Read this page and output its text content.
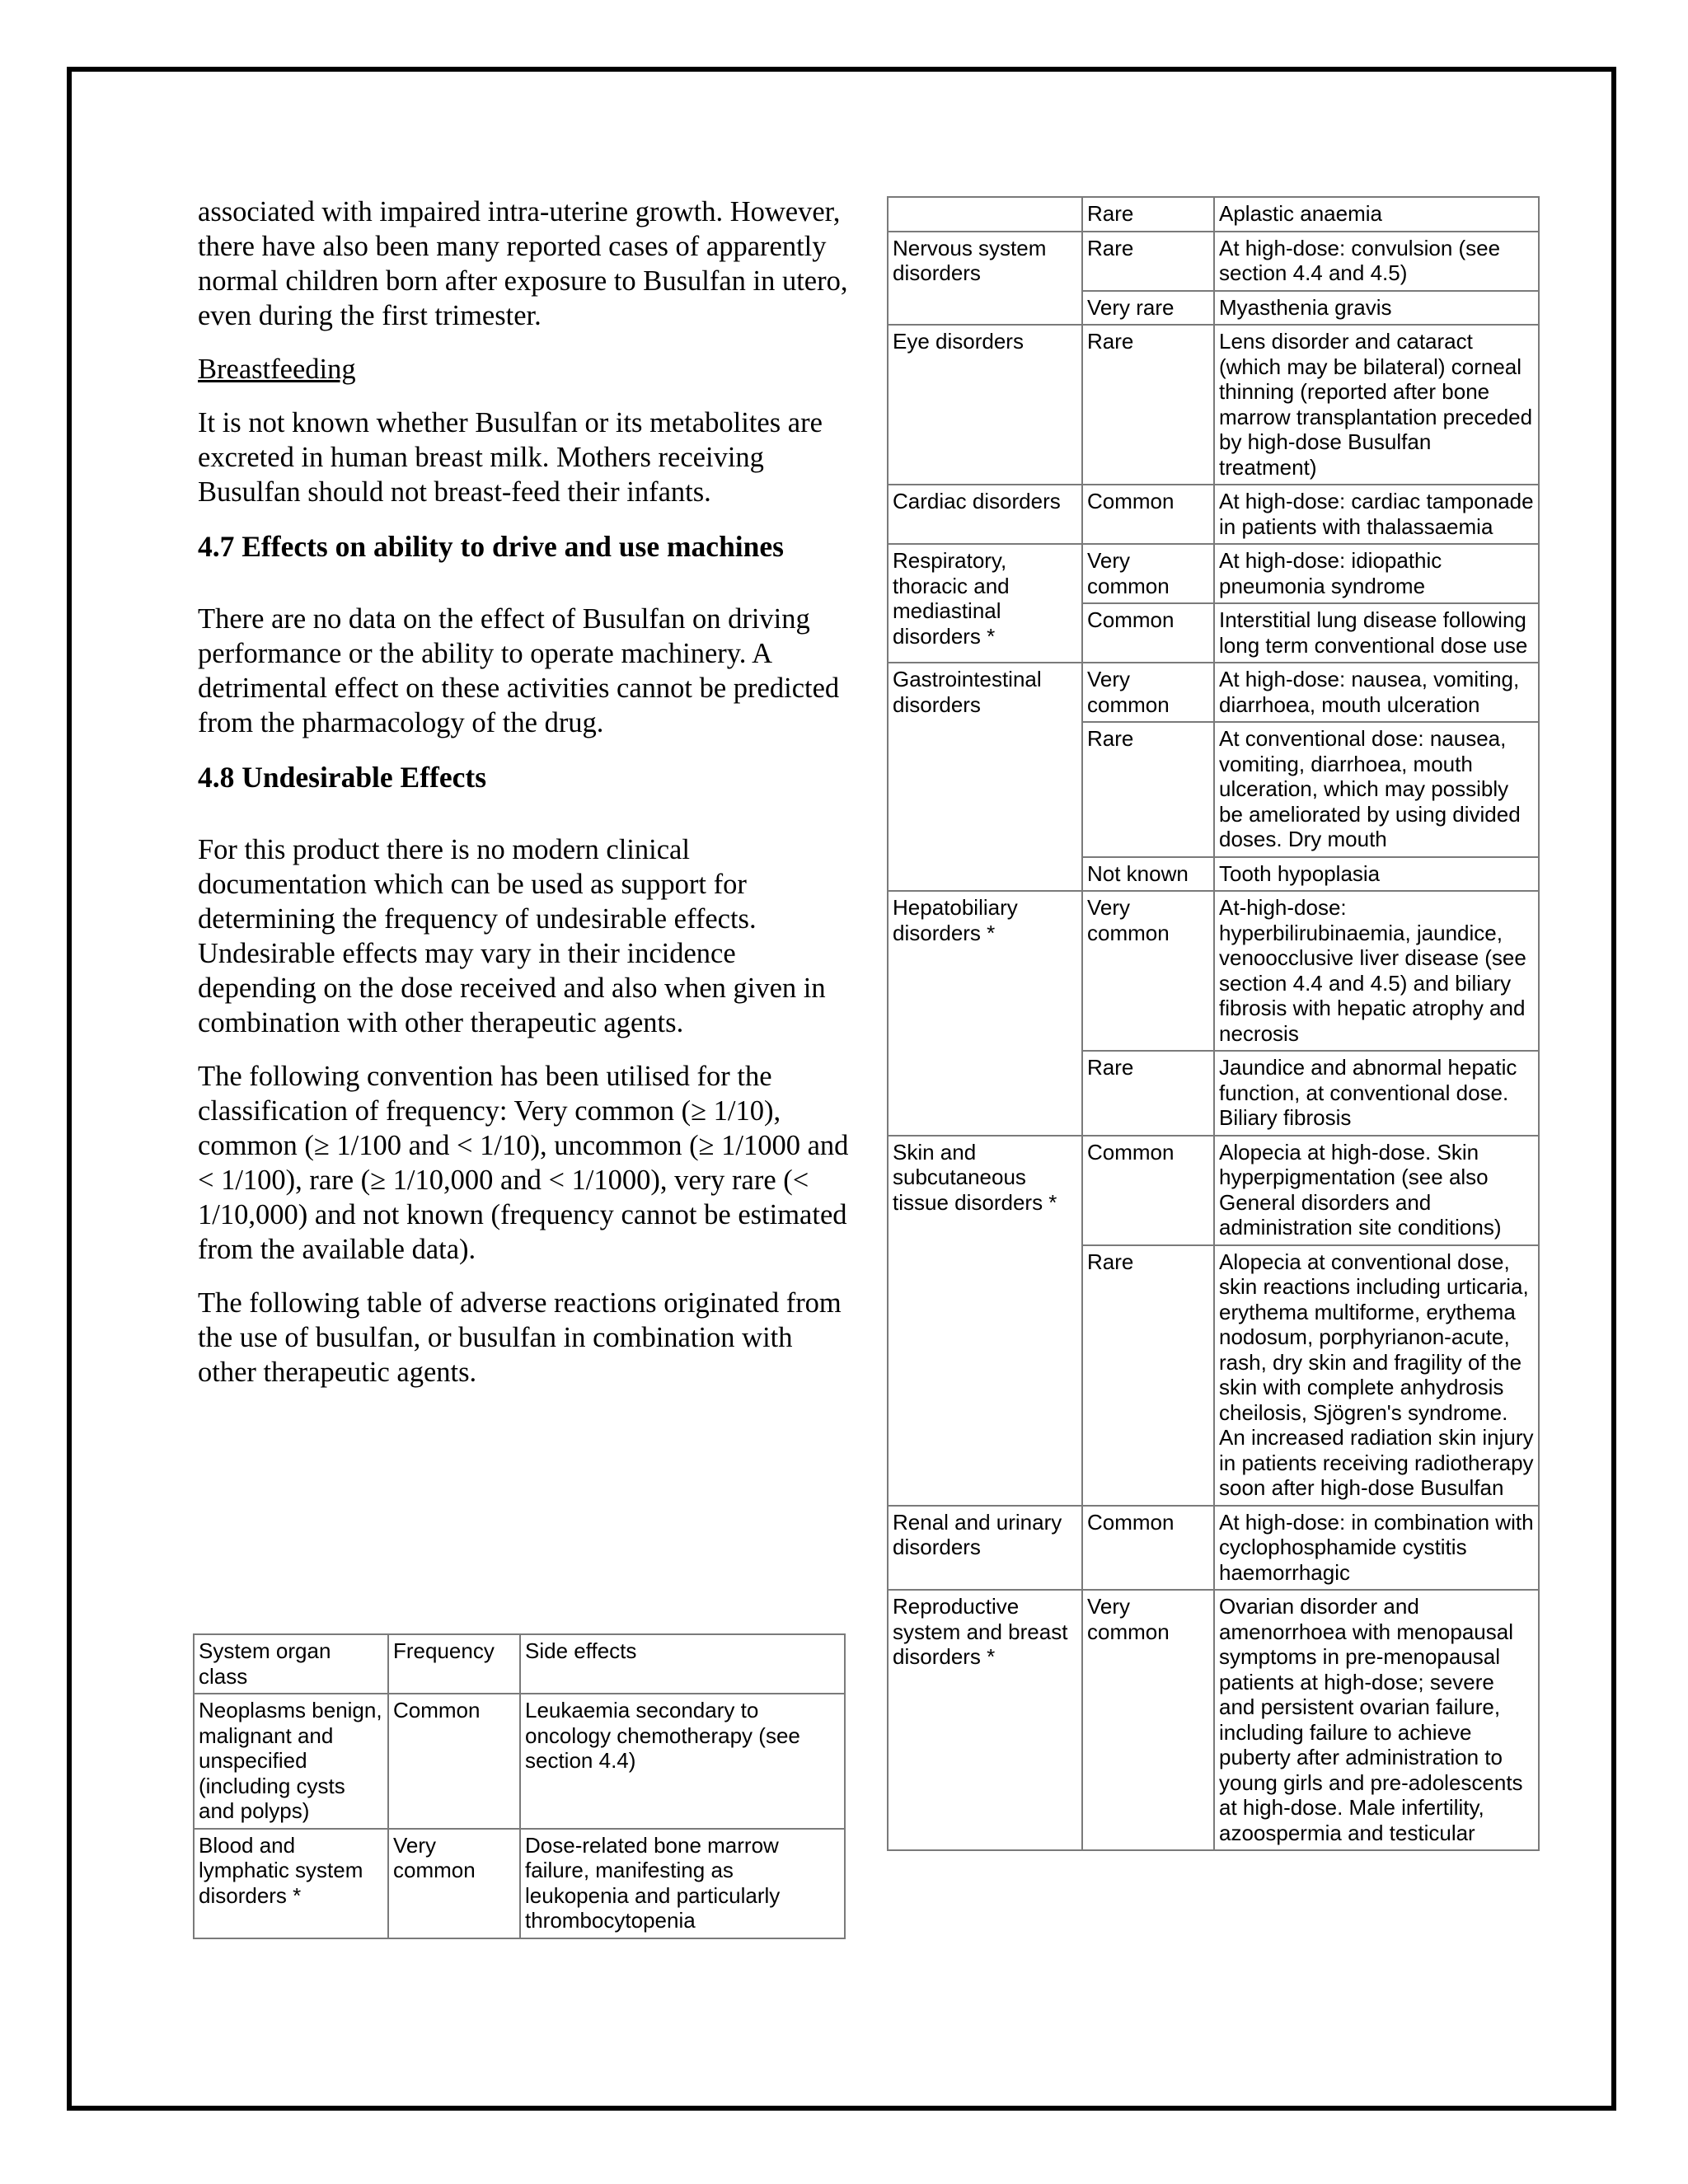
associated with impaired intra-uterine growth. However, there have also been many reported cases of apparently normal children born after exposure to Busulfan in utero, even during the first trimester.

Breastfeeding

It is not known whether Busulfan or its metabolites are excreted in human breast milk. Mothers receiving Busulfan should not breast-feed their infants.

4.7 Effects on ability to drive and use machines

There are no data on the effect of Busulfan on driving performance or the ability to operate machinery. A detrimental effect on these activities cannot be predicted from the pharmacology of the drug.

4.8 Undesirable Effects

For this product there is no modern clinical documentation which can be used as support for determining the frequency of undesirable effects. Undesirable effects may vary in their incidence depending on the dose received and also when given in combination with other therapeutic agents.

The following convention has been utilised for the classification of frequency: Very common (≥ 1/10), common (≥ 1/100 and < 1/10), uncommon (≥ 1/1000 and < 1/100), rare (≥ 1/10,000 and < 1/1000), very rare (< 1/10,000) and not known (frequency cannot be estimated from the available data).

The following table of adverse reactions originated from the use of busulfan, or busulfan in combination with other therapeutic agents.

System organ class	Frequency	Side effects
Neoplasms benign, malignant and unspecified (including cysts and polyps)	Common	Leukaemia secondary to oncology chemotherapy (see section 4.4)
Blood and lymphatic system disorders *	Very common	Dose-related bone marrow failure, manifesting as leukopenia and particularly thrombocytopenia
	Rare	Aplastic anaemia
Nervous system disorders	Rare	At high-dose: convulsion (see section 4.4 and 4.5)
	Very rare	Myasthenia gravis
Eye disorders	Rare	Lens disorder and cataract (which may be bilateral) corneal thinning (reported after bone marrow transplantation preceded by high-dose Busulfan treatment)
Cardiac disorders	Common	At high-dose: cardiac tamponade in patients with thalassaemia
Respiratory, thoracic and mediastinal disorders *	Very common	At high-dose: idiopathic pneumonia syndrome
	Common	Interstitial lung disease following long term conventional dose use
Gastrointestinal disorders	Very common	At high-dose: nausea, vomiting, diarrhoea, mouth ulceration
	Rare	At conventional dose: nausea, vomiting, diarrhoea, mouth ulceration, which may possibly be ameliorated by using divided doses. Dry mouth
	Not known	Tooth hypoplasia
Hepatobiliary disorders *	Very common	At-high-dose: hyperbilirubinaemia, jaundice, venoocclusive liver disease (see section 4.4 and 4.5) and biliary fibrosis with hepatic atrophy and necrosis
	Rare	Jaundice and abnormal hepatic function, at conventional dose. Biliary fibrosis
Skin and subcutaneous tissue disorders *	Common	Alopecia at high-dose. Skin hyperpigmentation (see also General disorders and administration site conditions)
	Rare	Alopecia at conventional dose, skin reactions including urticaria, erythema multiforme, erythema nodosum, porphyrianon-acute, rash, dry skin and fragility of the skin with complete anhydrosis cheilosis, Sjögren's syndrome. An increased radiation skin injury in patients receiving radiotherapy soon after high-dose Busulfan
Renal and urinary disorders	Common	At high-dose: in combination with cyclophosphamide cystitis haemorrhagic
Reproductive system and breast disorders *	Very common	Ovarian disorder and amenorrhoea with menopausal symptoms in pre-menopausal patients at high-dose; severe and persistent ovarian failure, including failure to achieve puberty after administration to young girls and pre-adolescents at high-dose. Male infertility, azoospermia and testicular
